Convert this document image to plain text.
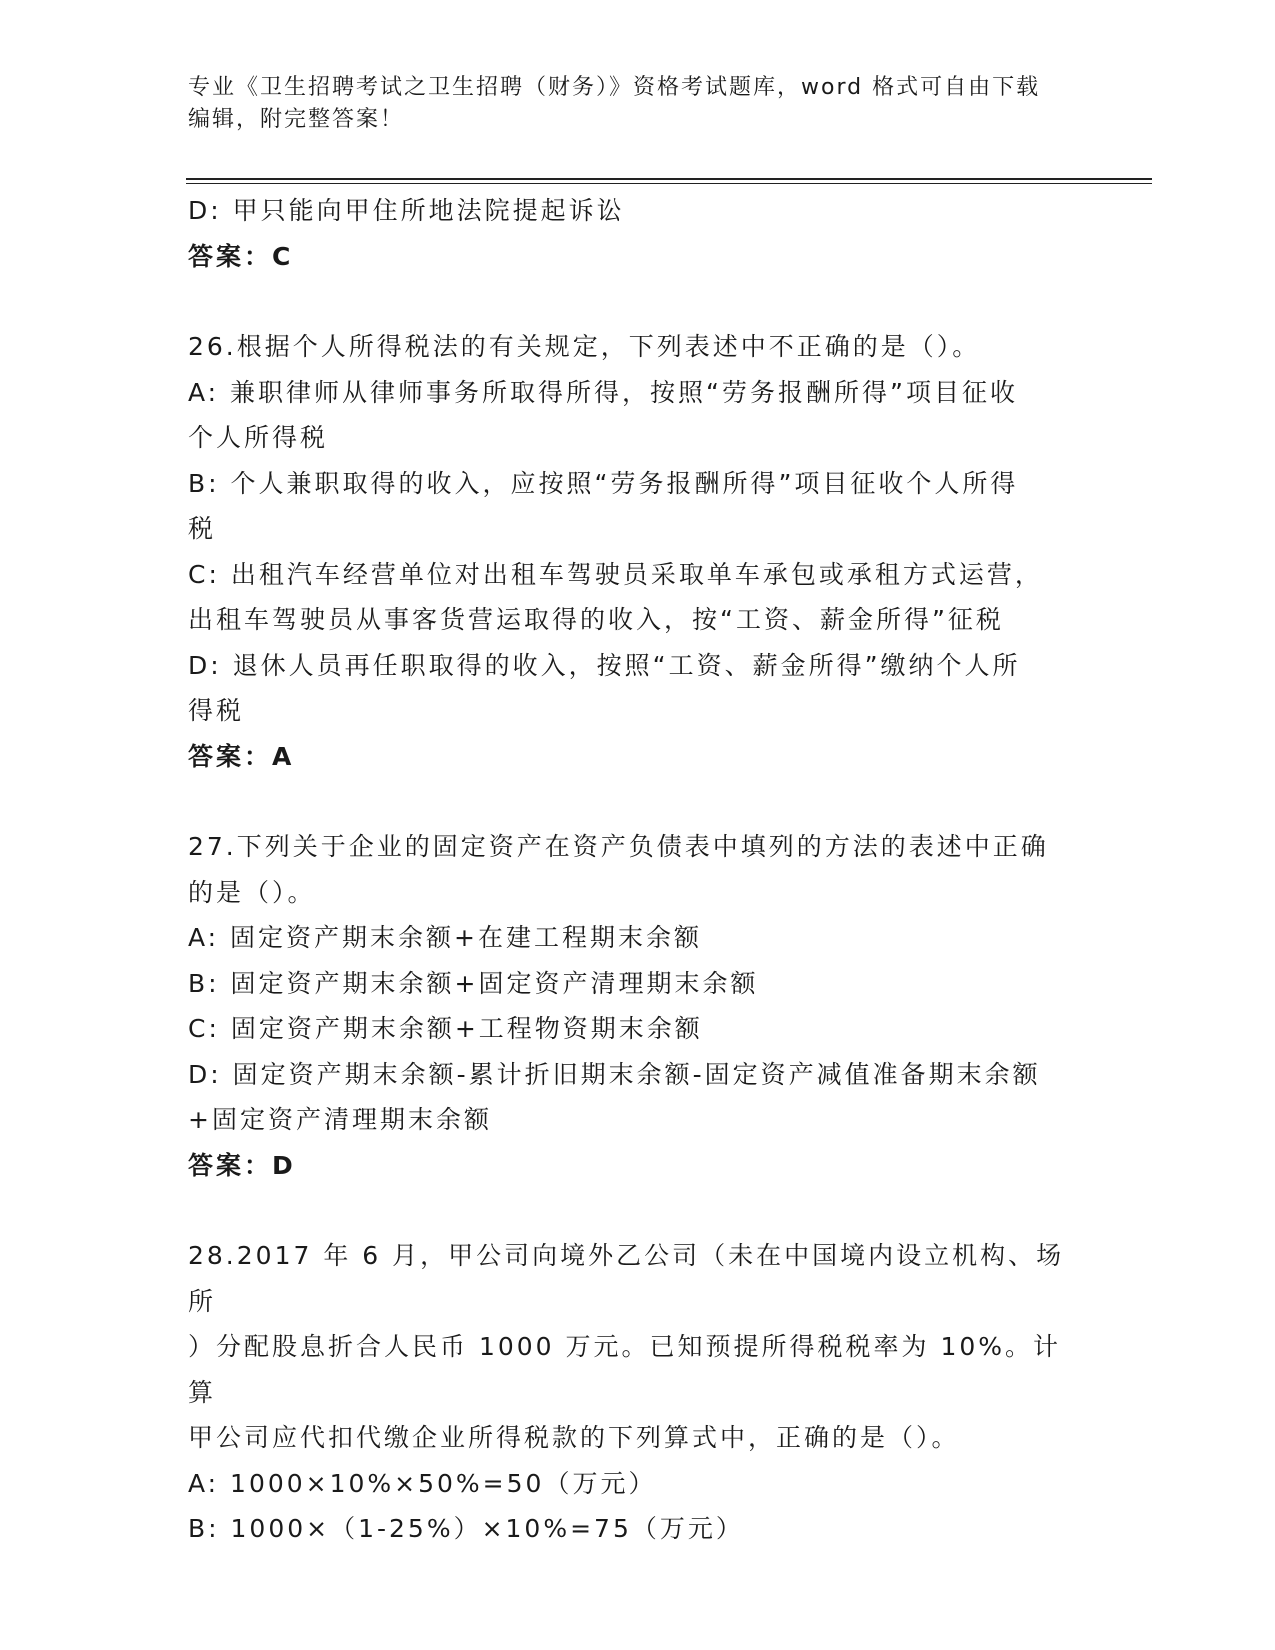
专业《卫生招聘考试之卫生招聘（财务）》资格考试题库，word 格式可自由下载
编辑，附完整答案！

D: 甲只能向甲住所地法院提起诉讼

答案：C

26.根据个人所得税法的有关规定，下列表述中不正确的是（）。

A: 兼职律师从律师事务所取得所得，按照“劳务报酬所得”项目征收

个人所得税

B: 个人兼职取得的收入，应按照“劳务报酬所得”项目征收个人所得

税

C: 出租汽车经营单位对出租车驾驶员采取单车承包或承租方式运营，

出租车驾驶员从事客货营运取得的收入，按“工资、薪金所得”征税

D: 退休人员再任职取得的收入，按照“工资、薪金所得”缴纳个人所

得税

答案：A

27.下列关于企业的固定资产在资产负债表中填列的方法的表述中正确

的是（）。

A: 固定资产期末余额+在建工程期末余额

B: 固定资产期末余额+固定资产清理期末余额

C: 固定资产期末余额+工程物资期末余额

D: 固定资产期末余额-累计折旧期末余额-固定资产减值准备期末余额

+固定资产清理期末余额

答案：D

28.2017 年 6 月，甲公司向境外乙公司（未在中国境内设立机构、场所

）分配股息折合人民币 1000 万元。已知预提所得税税率为 10%。计算

甲公司应代扣代缴企业所得税款的下列算式中，正确的是（）。

A: 1000×10%×50%=50（万元）

B: 1000×（1-25%）×10%=75（万元）
